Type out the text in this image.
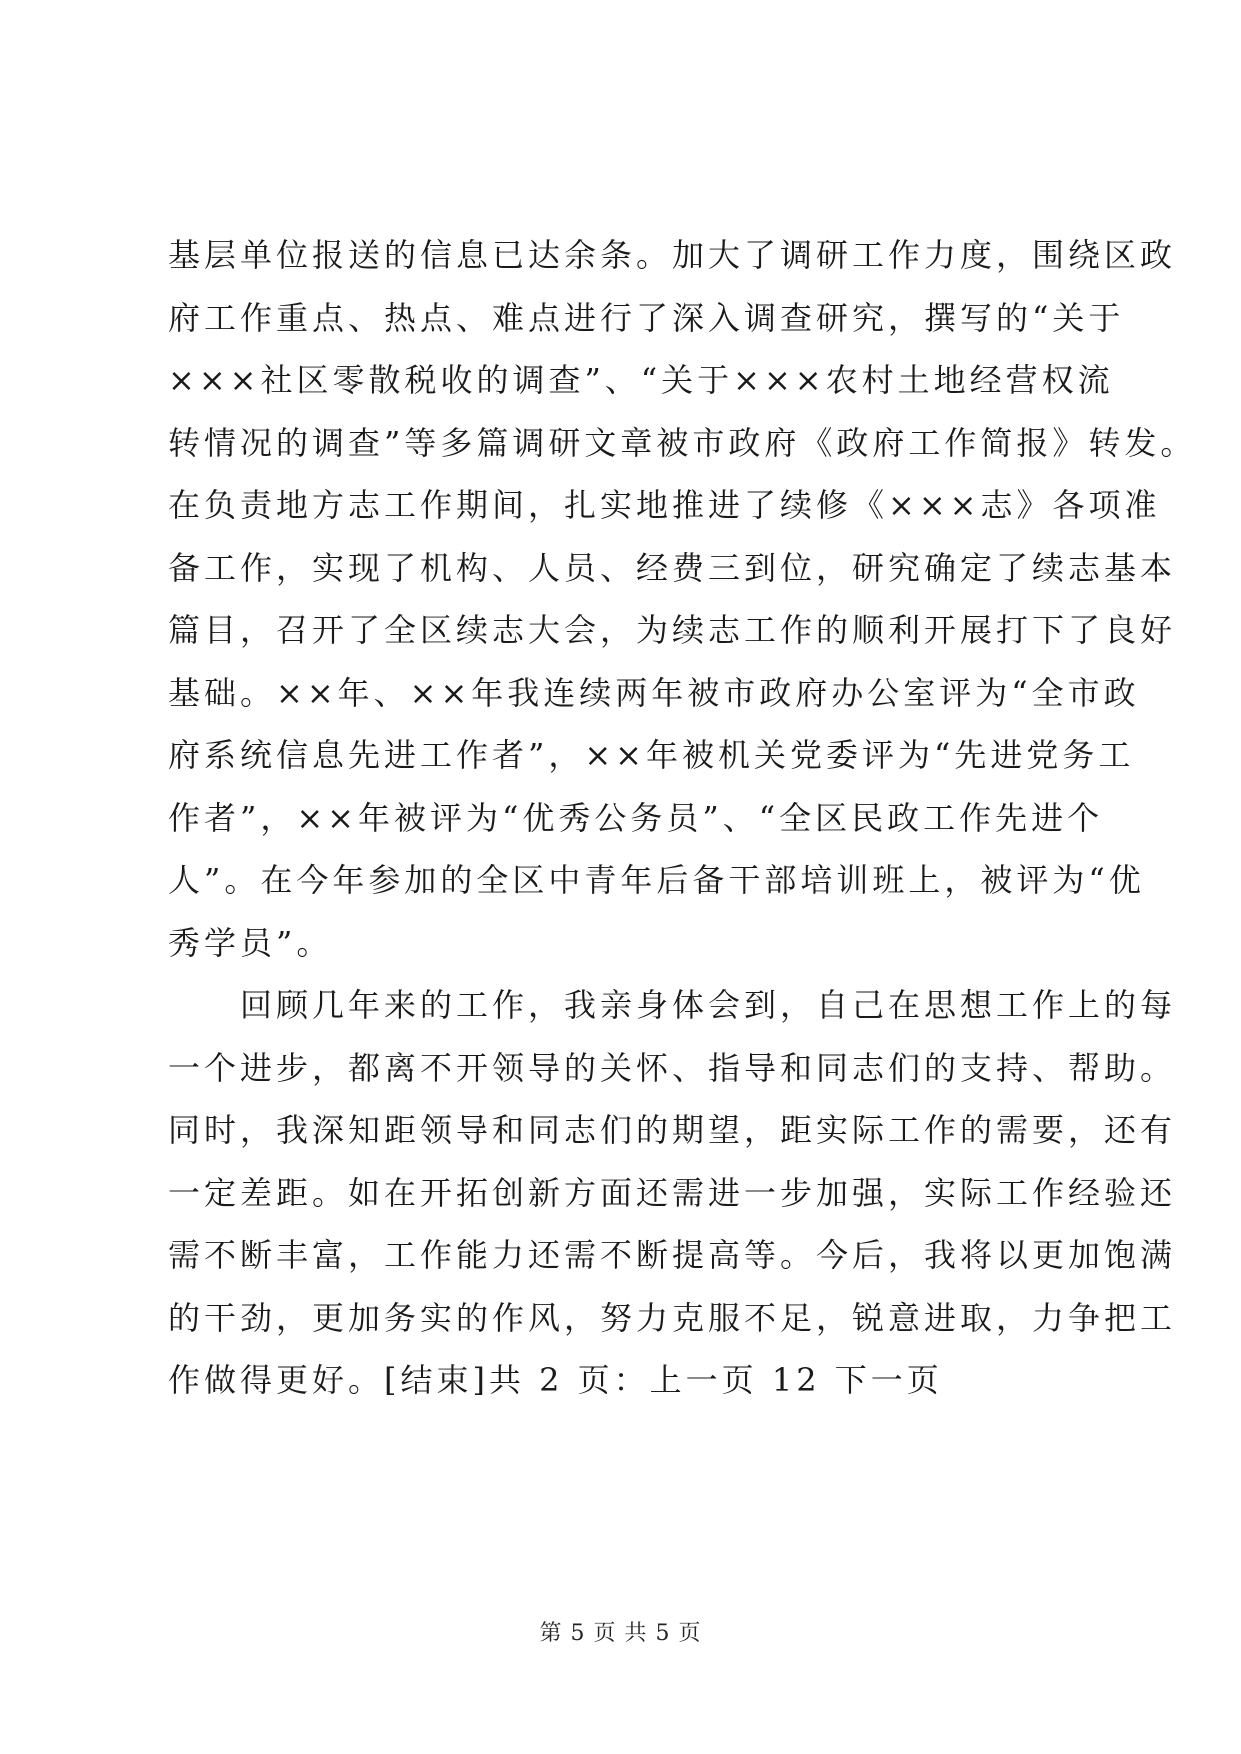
基层单位报送的信息已达余条。加大了调研工作力度，围绕区政
府工作重点、热点、难点进行了深入调查研究，撰写的“关于
×××社区零散税收的调查”、“关于×××农村土地经营权流
转情况的调查”等多篇调研文章被市政府《政府工作简报》转发。
在负责地方志工作期间，扎实地推进了续修《×××志》各项准
备工作，实现了机构、人员、经费三到位，研究确定了续志基本
篇目，召开了全区续志大会，为续志工作的顺利开展打下了良好
基础。××年、××年我连续两年被市政府办公室评为“全市政
府系统信息先进工作者”，××年被机关党委评为“先进党务工
作者”，××年被评为“优秀公务员”、“全区民政工作先进个
人”。在今年参加的全区中青年后备干部培训班上，被评为“优
秀学员”。

回顾几年来的工作，我亲身体会到，自己在思想工作上的每
一个进步，都离不开领导的关怀、指导和同志们的支持、帮助。
同时，我深知距领导和同志们的期望，距实际工作的需要，还有
一定差距。如在开拓创新方面还需进一步加强，实际工作经验还
需不断丰富，工作能力还需不断提高等。今后，我将以更加饱满
的干劲，更加务实的作风，努力克服不足，锐意进取，力争把工
作做得更好。[结束]共 2 页：上一页 12 下一页

第 5 页 共 5 页
